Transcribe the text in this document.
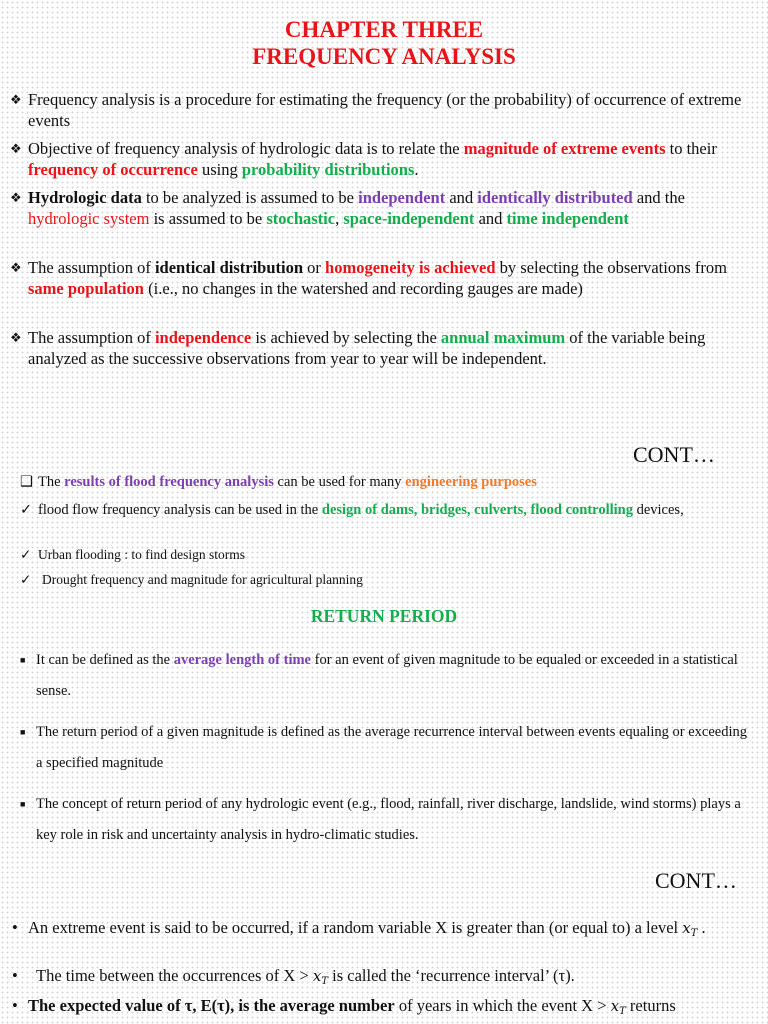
CHAPTER THREE
FREQUENCY ANALYSIS
❖ Frequency analysis is a procedure for estimating the frequency (or the probability) of occurrence of extreme events
❖ Objective of frequency analysis of hydrologic data is to relate the magnitude of extreme events to their frequency of occurrence using probability distributions.
❖ Hydrologic data to be analyzed is assumed to be independent and identically distributed and the hydrologic system is assumed to be stochastic, space-independent and time independent
❖ The assumption of identical distribution or homogeneity is achieved by selecting the observations from same population (i.e., no changes in the watershed and recording gauges are made)
❖ The assumption of independence is achieved by selecting the annual maximum of the variable being analyzed as the successive observations from year to year will be independent.
CONT…
❑ The results of flood frequency analysis can be used for many engineering purposes
✓ flood flow frequency analysis can be used in the design of dams, bridges, culverts, flood controlling devices,
✓ Urban flooding : to find design storms
✓ Drought frequency and magnitude for agricultural planning
RETURN PERIOD
■ It can be defined as the average length of time for an event of given magnitude to be equaled or exceeded in a statistical sense.
■ The return period of a given magnitude is defined as the average recurrence interval between events equaling or exceeding a specified magnitude
■ The concept of return period of any hydrologic event (e.g., flood, rainfall, river discharge, landslide, wind storms) plays a key role in risk and uncertainty analysis in hydro-climatic studies.
CONT…
• An extreme event is said to be occurred, if a random variable X is greater than (or equal to) a level $x_T$ .
•	The time between the occurrences of $X > x_T$ is called the ‘recurrence interval’ (τ).
• The expected value of τ, E(τ), is the average number of years in which the event $X > x_T$ returns
